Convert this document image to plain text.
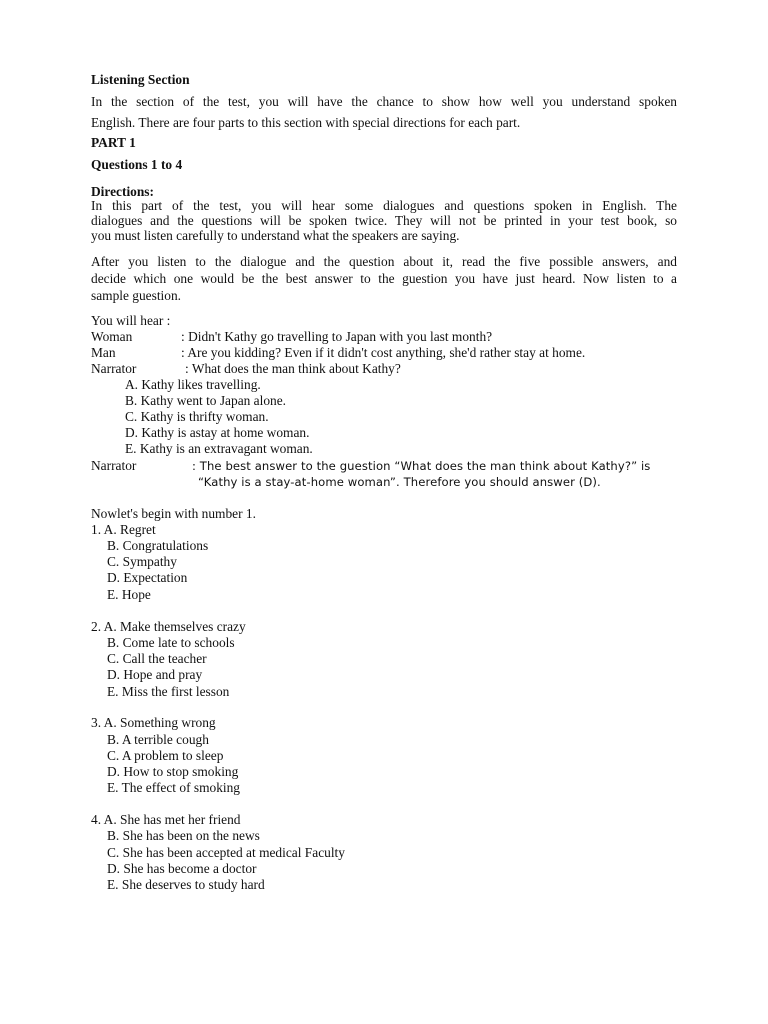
Listening Section
In the section of the test, you will have the chance to show how well you understand spoken
English. There are four parts to this section with special directions for each part.
PART 1
Questions 1 to 4
Directions:
In this part of the test, you will hear some dialogues and questions spoken in English. The
dialogues and the questions will be spoken twice. They will not be printed in your test book, so
you must listen carefully to understand what the speakers are saying.
After you listen to the dialogue and the question about it, read the five possible answers, and
decide which one would be the best answer to the guestion you have just heard. Now listen to a
sample guestion.
You will hear :
Woman	: Didn't Kathy go travelling to Japan with you last month?
Man	: Are you kidding? Even if it didn't cost anything, she'd rather stay at home.
Narrator	: What does the man think about Kathy?
A. Kathy likes travelling.
B. Kathy went to Japan alone.
C. Kathy is thrifty woman.
D. Kathy is astay at home woman.
E. Kathy is an extravagant woman.
Narrator	: The best answer to the guestion “What does the man think about Kathy?” is
“Kathy is a stay-at-home woman”. Therefore you should answer (D).
Nowlet's begin with number 1.
1. A. Regret
B. Congratulations
C. Sympathy
D. Expectation
E. Hope
2. A. Make themselves crazy
B. Come late to schools
C. Call the teacher
D. Hope and pray
E. Miss the first lesson
3. A. Something wrong
B. A terrible cough
C. A problem to sleep
D. How to stop smoking
E. The effect of smoking
4. A. She has met her friend
B. She has been on the news
C. She has been accepted at medical Faculty
D. She has become a doctor
E. She deserves to study hard
